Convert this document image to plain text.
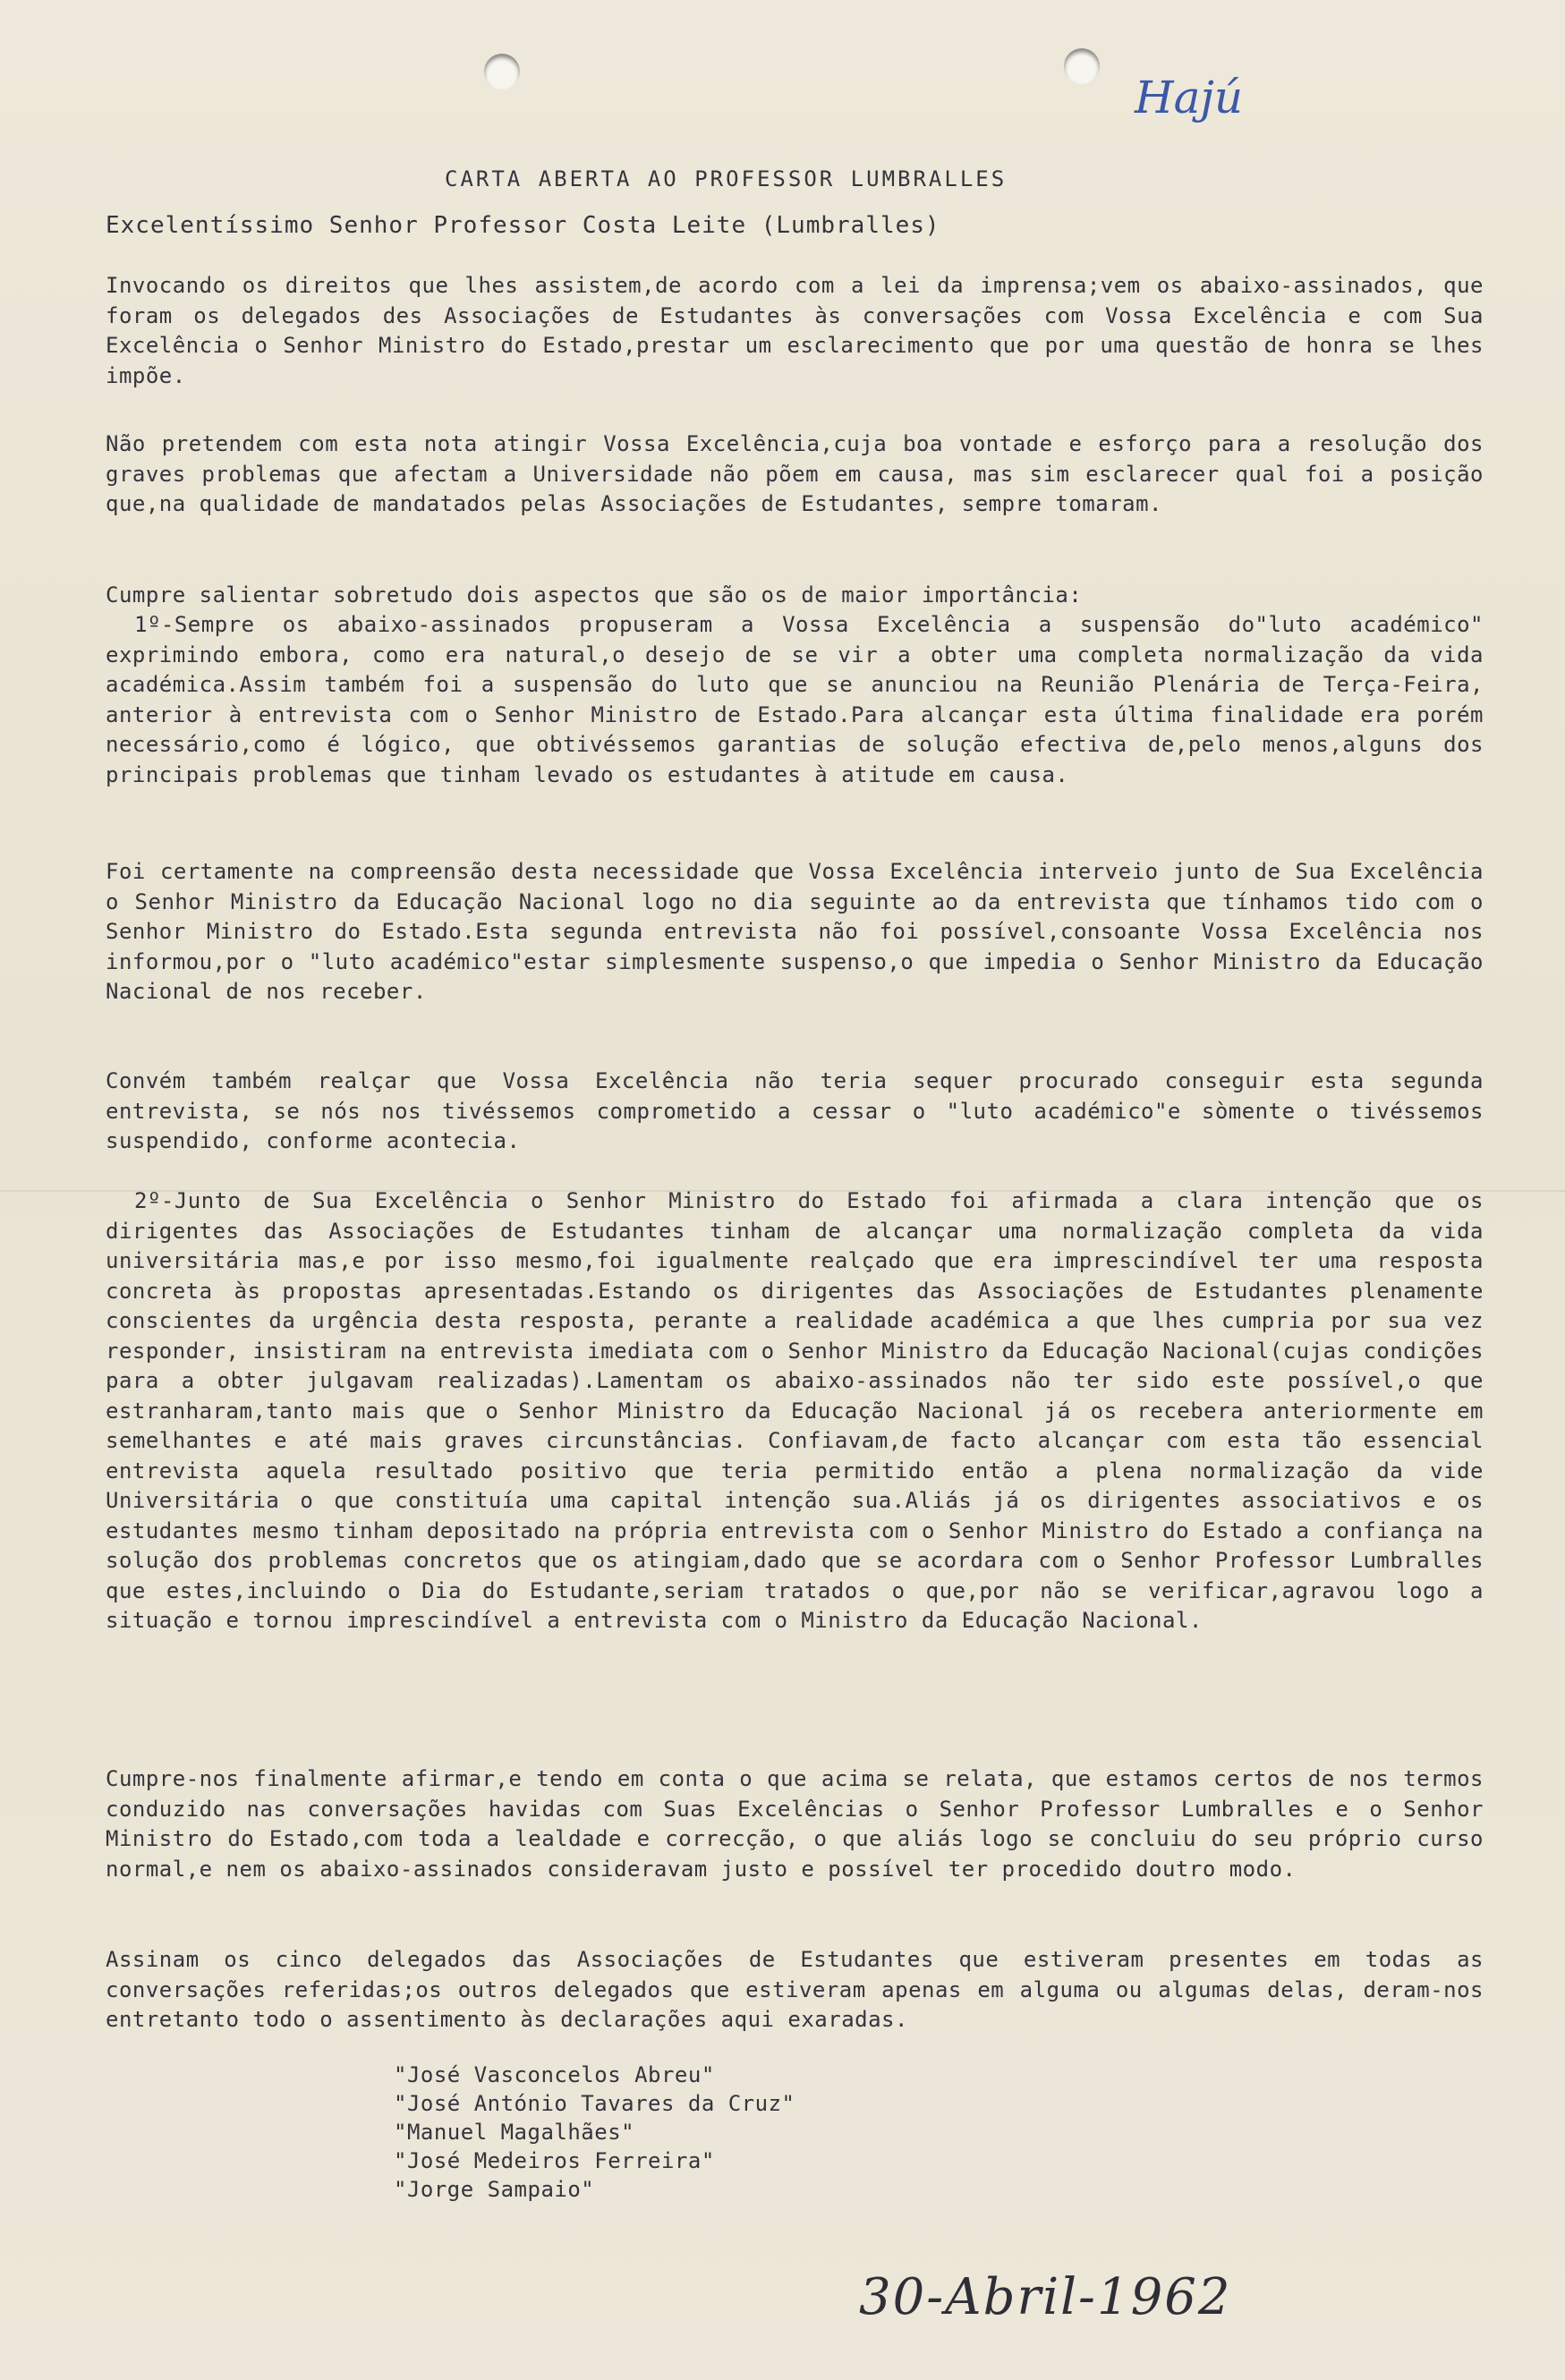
Hajú
CARTA ABERTA AO PROFESSOR LUMBRALLES
Excelentíssimo Senhor Professor Costa Leite (Lumbralles)

Invocando os direitos que lhes assistem,de acordo com a lei da imprensa;vem os abaixo-assinados, que foram os delegados des Associações de Estudantes às conversações com Vossa Excelência e com Sua Excelência o Senhor Ministro do Estado,prestar um esclarecimento que por uma questão de honra se lhes impõe.

Não pretendem com esta nota atingir Vossa Excelência,cuja boa vontade e esforço para a resolução dos graves problemas que afectam a Universidade não põem em causa, mas sim esclarecer qual foi a posição que,na qualidade de mandatados pelas Associações de Estudantes, sempre tomaram.

Cumpre salientar sobretudo dois aspectos que são os de maior importância:

1º-Sempre os abaixo-assinados propuseram a Vossa Excelência a suspensão do"luto académico" exprimindo embora, como era natural,o desejo de se vir a obter uma completa normalização da vida académica.Assim também foi a suspensão do luto que se anunciou na Reunião Plenária de Terça-Feira, anterior à entrevista com o Senhor Ministro de Estado.Para alcançar esta última finalidade era porém necessário,como é lógico, que obtivéssemos garantias de solução efectiva de,pelo menos,alguns dos principais problemas que tinham levado os estudantes à atitude em causa.

Foi certamente na compreensão desta necessidade que Vossa Excelência interveio junto de Sua Excelência o Senhor Ministro da Educação Nacional logo no dia seguinte ao da entrevista que tínhamos tido com o Senhor Ministro do Estado.Esta segunda entrevista não foi possível,consoante Vossa Excelência nos informou,por o "luto académico"estar simplesmente suspenso,o que impedia o Senhor Ministro da Educação Nacional de nos receber.

Convém também realçar que Vossa Excelência não teria sequer procurado conseguir esta segunda entrevista, se nós nos tivéssemos comprometido a cessar o "luto académico"e sòmente o tivéssemos suspendido, conforme acontecia.

2º-Junto de Sua Excelência o Senhor Ministro do Estado foi afirmada a clara intenção que os dirigentes das Associações de Estudantes tinham de alcançar uma normalização completa da vida universitária mas,e por isso mesmo,foi igualmente realçado que era imprescindível ter uma resposta concreta às propostas apresentadas.Estando os dirigentes das Associações de Estudantes plenamente conscientes da urgência desta resposta, perante a realidade académica a que lhes cumpria por sua vez responder, insistiram na entrevista imediata com o Senhor Ministro da Educação Nacional(cujas condições para a obter julgavam realizadas).Lamentam os abaixo-assinados não ter sido este possível,o que estranharam,tanto mais que o Senhor Ministro da Educação Nacional já os recebera anteriormente em semelhantes e até mais graves circunstâncias. Confiavam,de facto alcançar com esta tão essencial entrevista aquela resultado positivo que teria permitido então a plena normalização da vide Universitária o que constituía uma capital intenção sua.Aliás já os dirigentes associativos e os estudantes mesmo tinham depositado na própria entrevista com o Senhor Ministro do Estado a confiança na solução dos problemas concretos que os atingiam,dado que se acordara com o Senhor Professor Lumbralles que estes,incluindo o Dia do Estudante,seriam tratados o que,por não se verificar,agravou logo a situação e tornou imprescindível a entrevista com o Ministro da Educação Nacional.

Cumpre-nos finalmente afirmar,e tendo em conta o que acima se relata, que estamos certos de nos termos conduzido nas conversações havidas com Suas Excelências o Senhor Professor Lumbralles e o Senhor Ministro do Estado,com toda a lealdade e correcção, o que aliás logo se concluiu do seu próprio curso normal,e nem os abaixo-assinados consideravam justo e possível ter procedido doutro modo.

Assinam os cinco delegados das Associações de Estudantes que estiveram presentes em todas as conversações referidas;os outros delegados que estiveram apenas em alguma ou algumas delas, deram-nos entretanto todo o assentimento às declarações aqui exaradas.

"José Vasconcelos Abreu"
"José António Tavares da Cruz"
"Manuel Magalhães"
"José Medeiros Ferreira"
"Jorge Sampaio"
30-Abril-1962
